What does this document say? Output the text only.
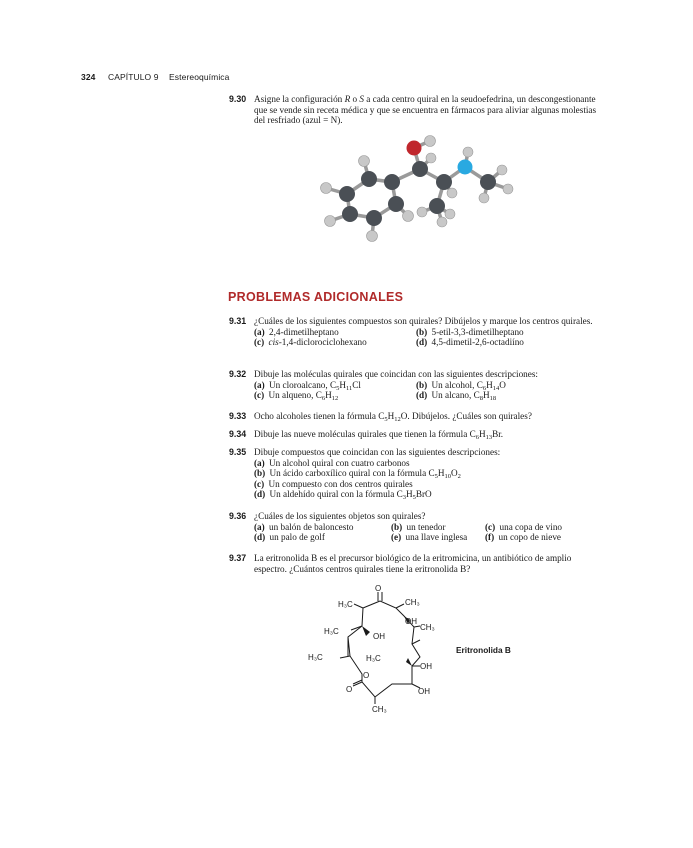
324 CAPÍTULO 9 Estereoquímica
9.30 Asigne la configuración R o S a cada centro quiral en la seudoefedrina, un descongestionante que se vende sin receta médica y que se encuentra en fármacos para aliviar algunas molestias del resfriado (azul = N).
PROBLEMAS ADICIONALES
9.31 ¿Cuáles de los siguientes compuestos son quirales? Dibújelos y marque los centros quirales.
(a) 2,4-dimetilheptano	(b) 5-etil-3,3-dimetilheptano
(c) cis-1,4-diclorociclohexano	(d) 4,5-dimetil-2,6-octadiíno
9.32 Dibuje las moléculas quirales que coincidan con las siguientes descripciones:
(a) Un cloroalcano, $C_5H_{11}Cl$	(b) Un alcohol, $C_6H_{14}O$
(c) Un alqueno, $C_6H_{12}$	(d) Un alcano, $C_8H_{18}$
9.33 Ocho alcoholes tienen la fórmula $C_5H_{12}O$. Dibújelos. ¿Cuáles son quirales?
9.34 Dibuje las nueve moléculas quirales que tienen la fórmula $C_6H_{13}Br$.
9.35 Dibuje compuestos que coincidan con las siguientes descripciones:
(a) Un alcohol quiral con cuatro carbonos
(b) Un ácido carboxílico quiral con la fórmula $C_5H_{10}O_2$
(c) Un compuesto con dos centros quirales
(d) Un aldehído quiral con la fórmula $C_3H_5BrO$
9.36 ¿Cuáles de los siguientes objetos son quirales?
(a) un balón de baloncesto	(b) un tenedor	(c) una copa de vino
(d) un palo de golf	(e) una llave inglesa	(f) un copo de nieve
9.37 La eritronolida B es el precursor biológico de la eritromicina, un antibiótico de amplio espectro. ¿Cuántos centros quirales tiene la eritronolida B?
O
H₃C	CH₃
OH
OH
CH₃
H₃C
H₃C	H₃C
OH
O
O	OH
CH₃
Eritronolida B
